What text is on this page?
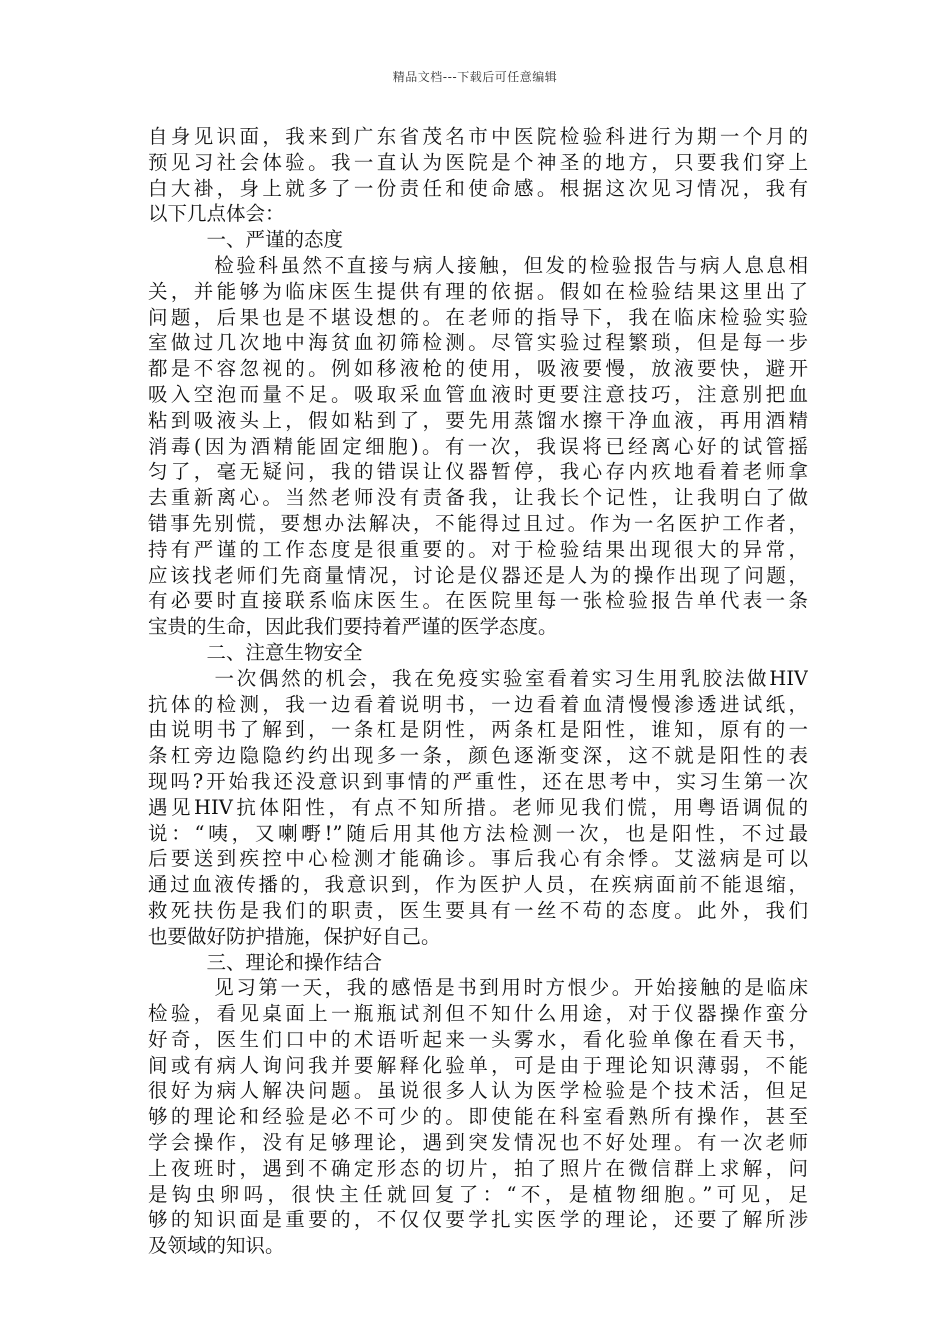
精品文档---下载后可任意编辑
自身见识面，我来到广东省茂名市中医院检验科进行为期一个月的
预见习社会体验。我一直认为医院是个神圣的地方，只要我们穿上
白大褂，身上就多了一份责任和使命感。根据这次见习情况，我有
以下几点体会：
　　　一、严谨的态度
　　　检验科虽然不直接与病人接触，但发的检验报告与病人息息相
关，并能够为临床医生提供有理的依据。假如在检验结果这里出了
问题，后果也是不堪设想的。在老师的指导下，我在临床检验实验
室做过几次地中海贫血初筛检测。尽管实验过程繁琐，但是每一步
都是不容忽视的。例如移液枪的使用，吸液要慢，放液要快，避开
吸入空泡而量不足。吸取采血管血液时更要注意技巧，注意别把血
粘到吸液头上，假如粘到了，要先用蒸馏水擦干净血液，再用酒精
消毒(因为酒精能固定细胞)。有一次，我误将已经离心好的试管摇
匀了，毫无疑问，我的错误让仪器暂停，我心存内疚地看着老师拿
去重新离心。当然老师没有责备我，让我长个记性，让我明白了做
错事先别慌，要想办法解决，不能得过且过。作为一名医护工作者，
持有严谨的工作态度是很重要的。对于检验结果出现很大的异常，
应该找老师们先商量情况，讨论是仪器还是人为的操作出现了问题，
有必要时直接联系临床医生。在医院里每一张检验报告单代表一条
宝贵的生命，因此我们要持着严谨的医学态度。
　　　二、注意生物安全
　　　一次偶然的机会，我在免疫实验室看着实习生用乳胶法做HIV
抗体的检测，我一边看着说明书，一边看着血清慢慢渗透进试纸，
由说明书了解到，一条杠是阴性，两条杠是阳性，谁知，原有的一
条杠旁边隐隐约约出现多一条，颜色逐渐变深，这不就是阳性的表
现吗?开始我还没意识到事情的严重性，还在思考中，实习生第一次
遇见HIV抗体阳性，有点不知所措。老师见我们慌，用粤语调侃的
说：“咦，又喇嘢!”随后用其他方法检测一次，也是阳性，不过最
后要送到疾控中心检测才能确诊。事后我心有余悸。艾滋病是可以
通过血液传播的，我意识到，作为医护人员，在疾病面前不能退缩，
救死扶伤是我们的职责，医生要具有一丝不苟的态度。此外，我们
也要做好防护措施，保护好自己。
　　　三、理论和操作结合
　　　见习第一天，我的感悟是书到用时方恨少。开始接触的是临床
检验，看见桌面上一瓶瓶试剂但不知什么用途，对于仪器操作蛮分
好奇，医生们口中的术语听起来一头雾水，看化验单像在看天书，
间或有病人询问我并要解释化验单，可是由于理论知识薄弱，不能
很好为病人解决问题。虽说很多人认为医学检验是个技术活，但足
够的理论和经验是必不可少的。即使能在科室看熟所有操作，甚至
学会操作，没有足够理论，遇到突发情况也不好处理。有一次老师
上夜班时，遇到不确定形态的切片，拍了照片在微信群上求解，问
是钩虫卵吗，很快主任就回复了：“不，是植物细胞。”可见，足
够的知识面是重要的，不仅仅要学扎实医学的理论，还要了解所涉
及领域的知识。
